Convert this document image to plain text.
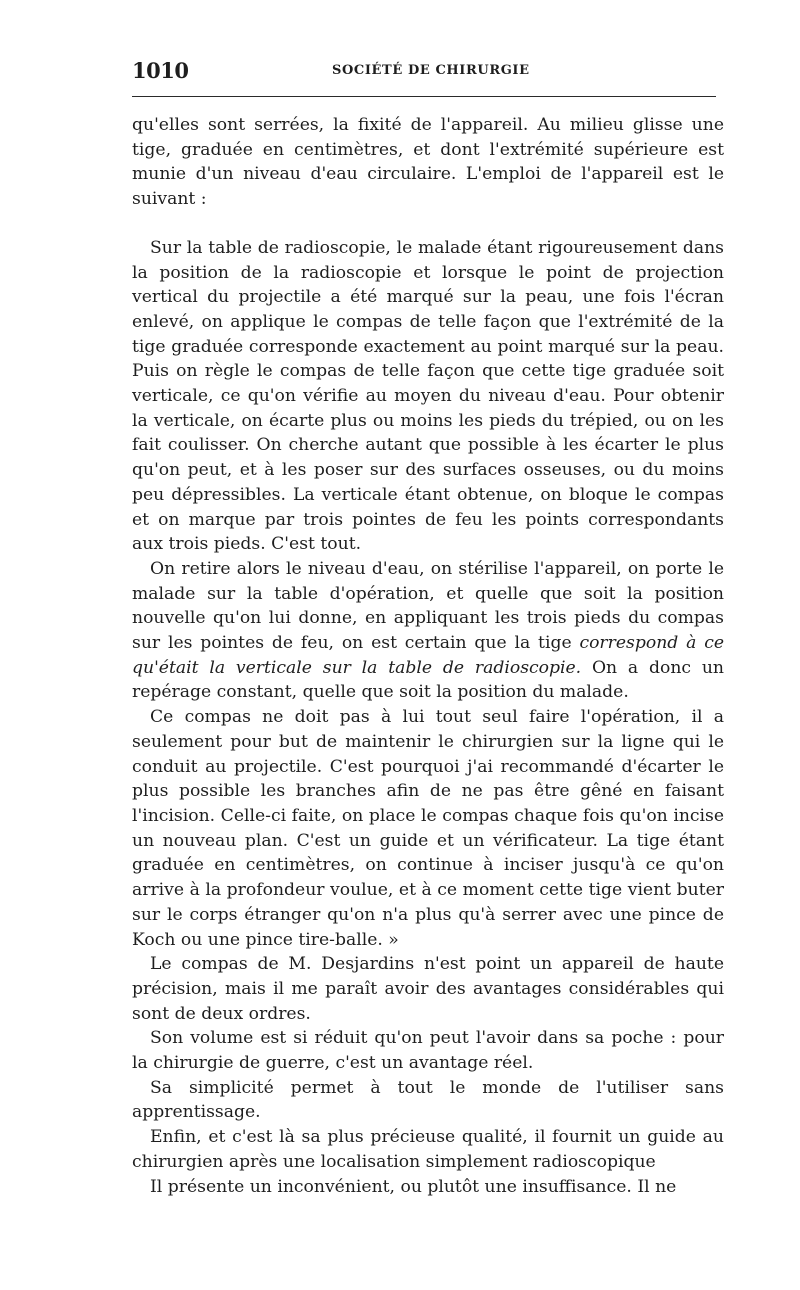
1010	SOCIÉTÉ DE CHIRURGIE

qu'elles sont serrées, la fixité de l'appareil. Au milieu glisse une tige, graduée en centimètres, et dont l'extrémité supérieure est munie d'un niveau d'eau circulaire. L'emploi de l'appareil est le suivant :

Sur la table de radioscopie, le malade étant rigoureusement dans la position de la radioscopie et lorsque le point de projection vertical du projectile a été marqué sur la peau, une fois l'écran enlevé, on applique le compas de telle façon que l'extrémité de la tige graduée corresponde exactement au point marqué sur la peau. Puis on règle le compas de telle façon que cette tige graduée soit verticale, ce qu'on vérifie au moyen du niveau d'eau. Pour obtenir la verticale, on écarte plus ou moins les pieds du trépied, ou on les fait coulisser. On cherche autant que possible à les écarter le plus qu'on peut, et à les poser sur des surfaces osseuses, ou du moins peu dépressibles. La verticale étant obtenue, on bloque le compas et on marque par trois pointes de feu les points correspondants aux trois pieds. C'est tout.

On retire alors le niveau d'eau, on stérilise l'appareil, on porte le malade sur la table d'opération, et quelle que soit la position nouvelle qu'on lui donne, en appliquant les trois pieds du compas sur les pointes de feu, on est certain que la tige correspond à ce qu'était la verticale sur la table de radioscopie. On a donc un repérage constant, quelle que soit la position du malade.

Ce compas ne doit pas à lui tout seul faire l'opération, il a seulement pour but de maintenir le chirurgien sur la ligne qui le conduit au projectile. C'est pourquoi j'ai recommandé d'écarter le plus possible les branches afin de ne pas être gêné en faisant l'incision. Celle-ci faite, on place le compas chaque fois qu'on incise un nouveau plan. C'est un guide et un vérificateur. La tige étant graduée en centimètres, on continue à inciser jusqu'à ce qu'on arrive à la profondeur voulue, et à ce moment cette tige vient buter sur le corps étranger qu'on n'a plus qu'à serrer avec une pince de Koch ou une pince tire-balle. »

Le compas de M. Desjardins n'est point un appareil de haute précision, mais il me paraît avoir des avantages considérables qui sont de deux ordres.

Son volume est si réduit qu'on peut l'avoir dans sa poche : pour la chirurgie de guerre, c'est un avantage réel.

Sa simplicité permet à tout le monde de l'utiliser sans apprentissage.

Enfin, et c'est là sa plus précieuse qualité, il fournit un guide au chirurgien après une localisation simplement radioscopique

Il présente un inconvénient, ou plutôt une insuffisance. Il ne
